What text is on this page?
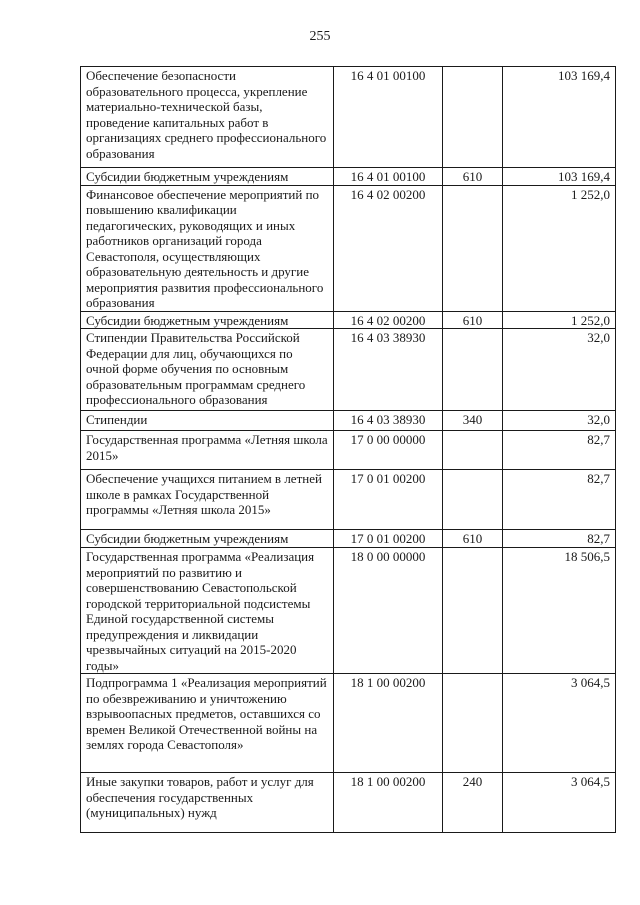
255
Обеспечение безопасности образовательного процесса, укрепление материально-технической базы, проведение капитальных работ в организациях среднего профессионального образования	16 4 01 00100		103 169,4
Субсидии бюджетным учреждениям	16 4 01 00100	610	103 169,4
Финансовое обеспечение мероприятий по повышению квалификации педагогических, руководящих и иных работников организаций города Севастополя, осуществляющих образовательную деятельность и другие мероприятия развития профессионального образования	16 4 02 00200		1 252,0
Субсидии бюджетным учреждениям	16 4 02 00200	610	1 252,0
Стипендии Правительства Российской Федерации для лиц, обучающихся по очной форме обучения по основным образовательным программам среднего профессионального образования	16 4 03 38930		32,0
Стипендии	16 4 03 38930	340	32,0
Государственная программа «Летняя школа 2015»	17 0 00 00000		82,7
Обеспечение учащихся питанием в летней школе в рамках Государственной программы «Летняя школа 2015»	17 0 01 00200		82,7
Субсидии бюджетным учреждениям	17 0 01 00200	610	82,7
Государственная программа «Реализация мероприятий по развитию и совершенствованию Севастопольской городской территориальной подсистемы Единой государственной системы предупреждения и ликвидации чрезвычайных ситуаций на 2015-2020 годы»	18 0 00 00000		18 506,5
Подпрограмма 1 «Реализация мероприятий по обезвреживанию и уничтожению взрывоопасных предметов, оставшихся со времен Великой Отечественной войны на землях города Севастополя»	18 1 00 00200		3 064,5
Иные закупки товаров, работ и услуг для обеспечения государственных (муниципальных) нужд	18 1 00 00200	240	3 064,5
